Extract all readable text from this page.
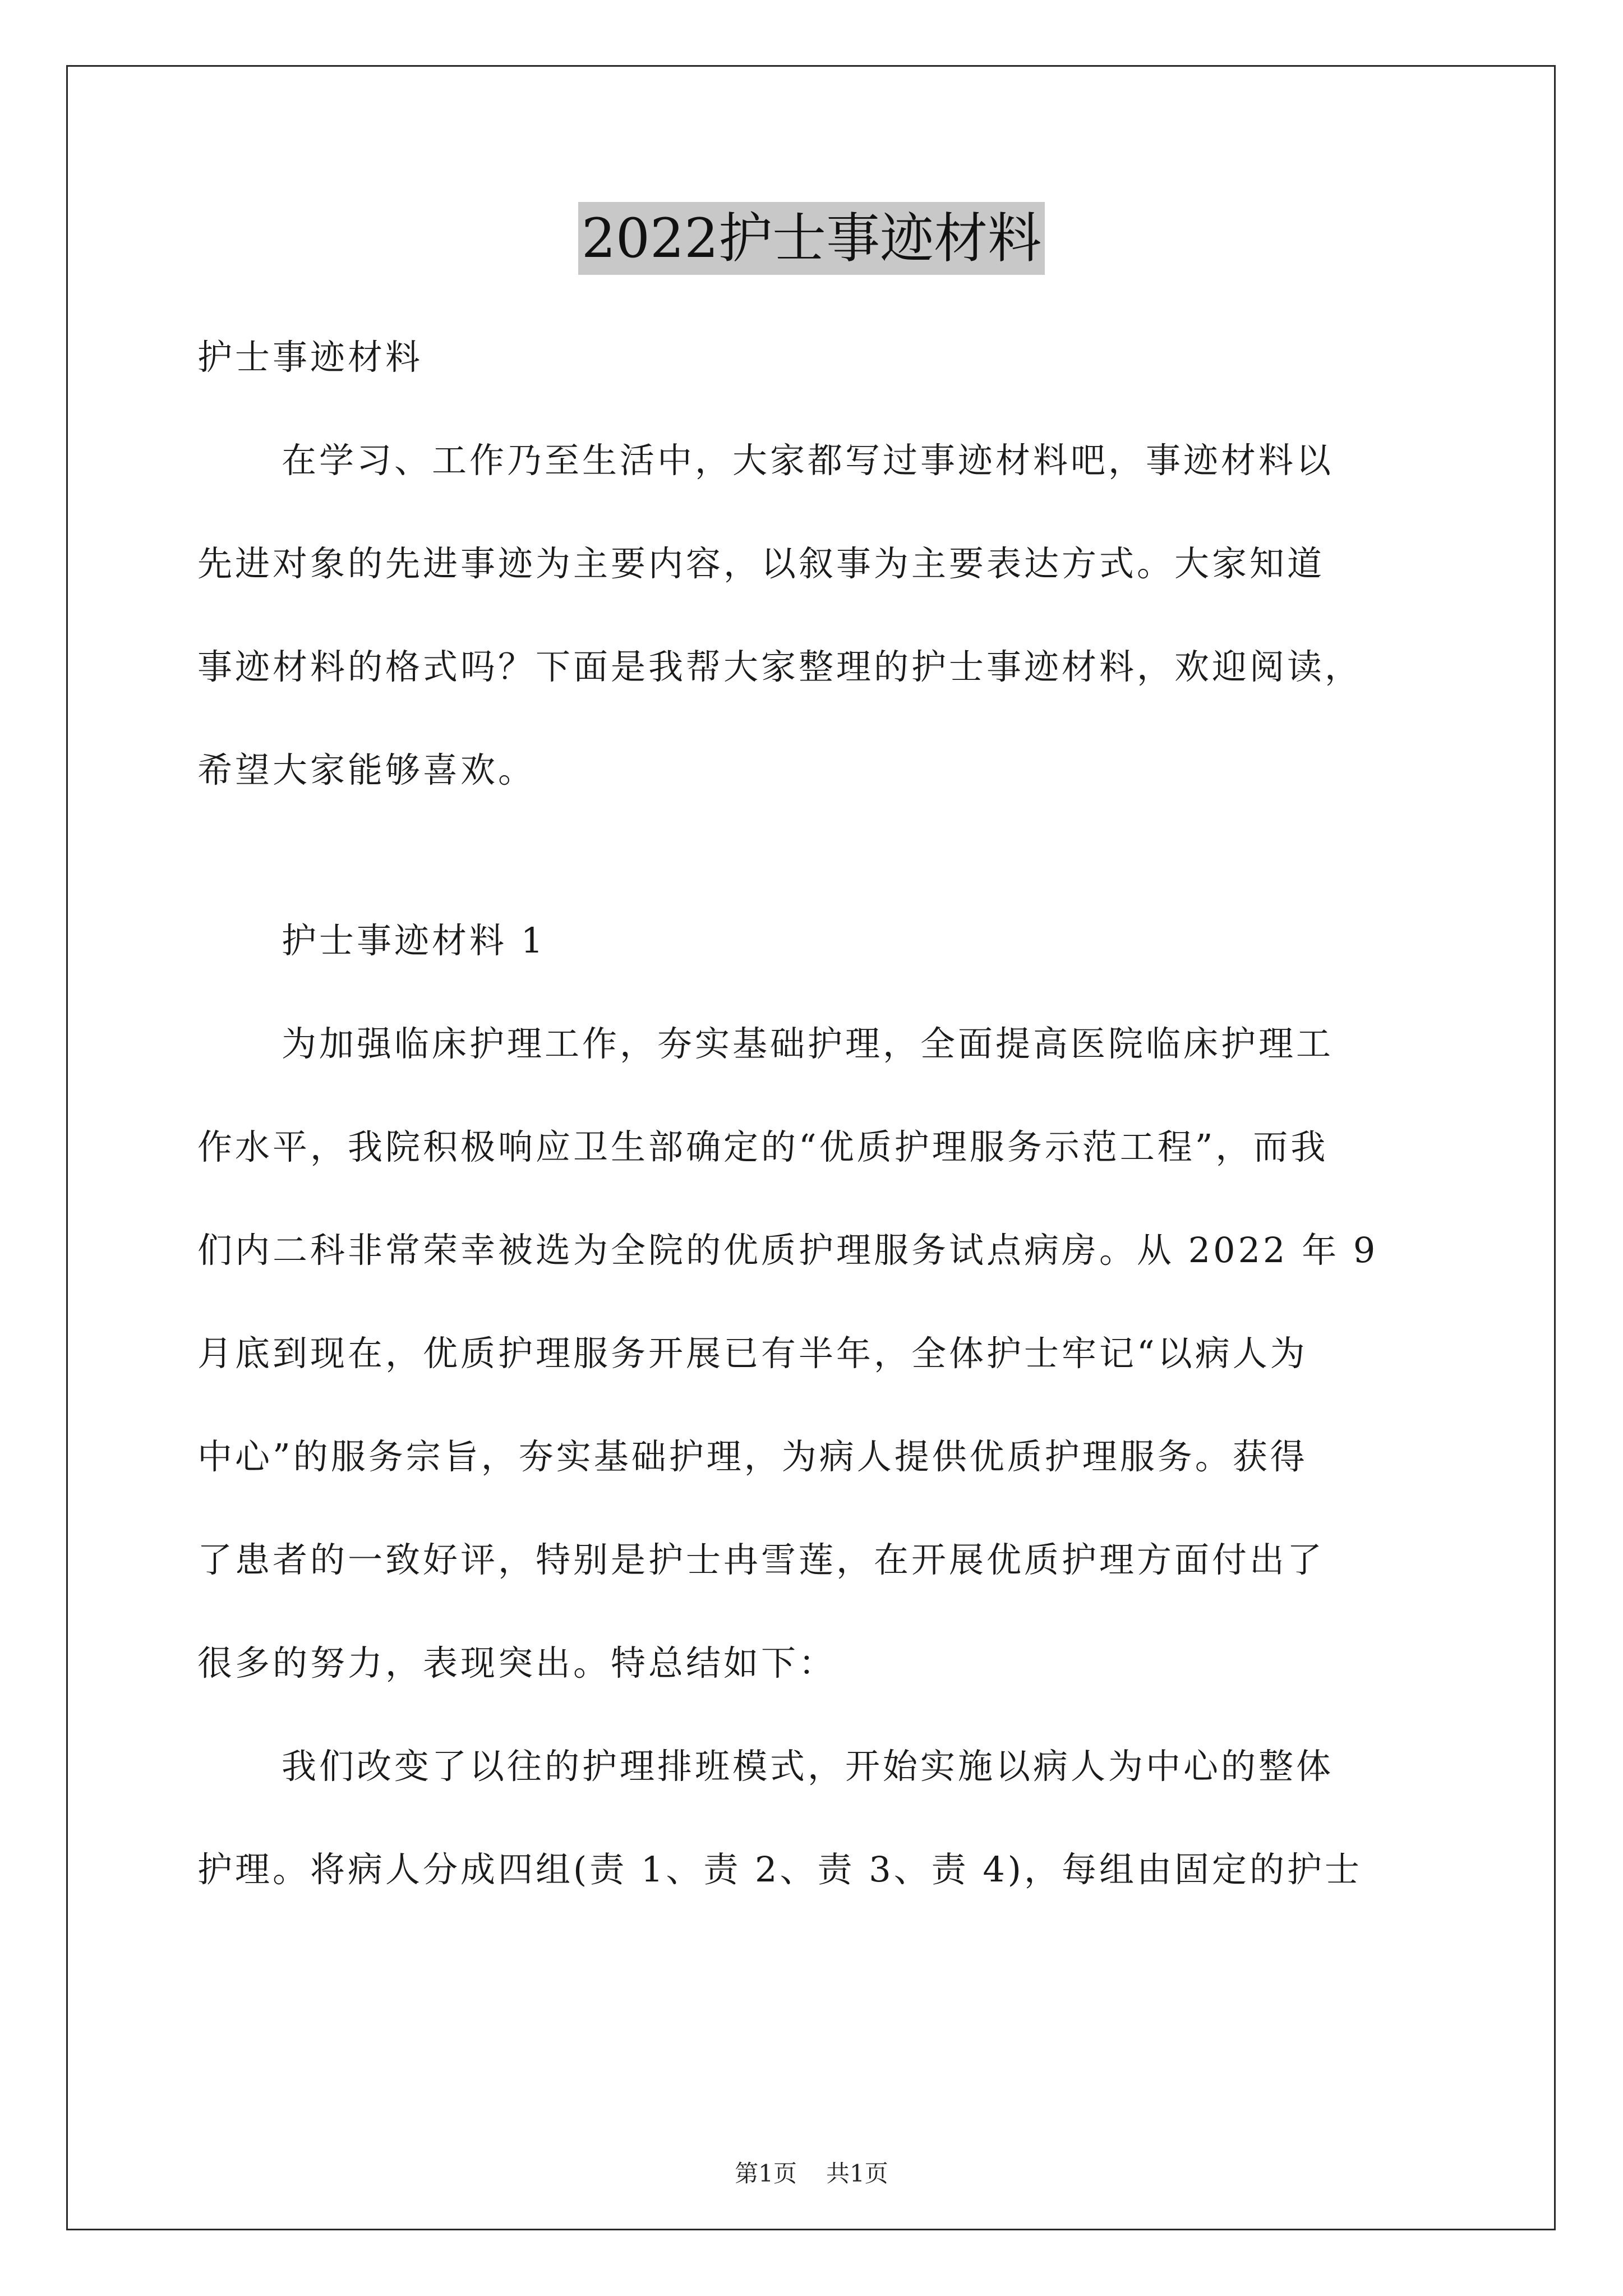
2022护士事迹材料
护士事迹材料
在学习、工作乃至生活中，大家都写过事迹材料吧，事迹材料以
先进对象的先进事迹为主要内容，以叙事为主要表达方式。大家知道
事迹材料的格式吗？下面是我帮大家整理的护士事迹材料，欢迎阅读，
希望大家能够喜欢。
护士事迹材料 1
为加强临床护理工作，夯实基础护理，全面提高医院临床护理工
作水平，我院积极响应卫生部确定的“优质护理服务示范工程”，而我
们内二科非常荣幸被选为全院的优质护理服务试点病房。从 2022 年 9
月底到现在，优质护理服务开展已有半年，全体护士牢记“以病人为
中心”的服务宗旨，夯实基础护理，为病人提供优质护理服务。获得
了患者的一致好评，特别是护士冉雪莲，在开展优质护理方面付出了
很多的努力，表现突出。特总结如下：
我们改变了以往的护理排班模式，开始实施以病人为中心的整体
护理。将病人分成四组(责 1、责 2、责 3、责 4)，每组由固定的护士
第1页 共1页
